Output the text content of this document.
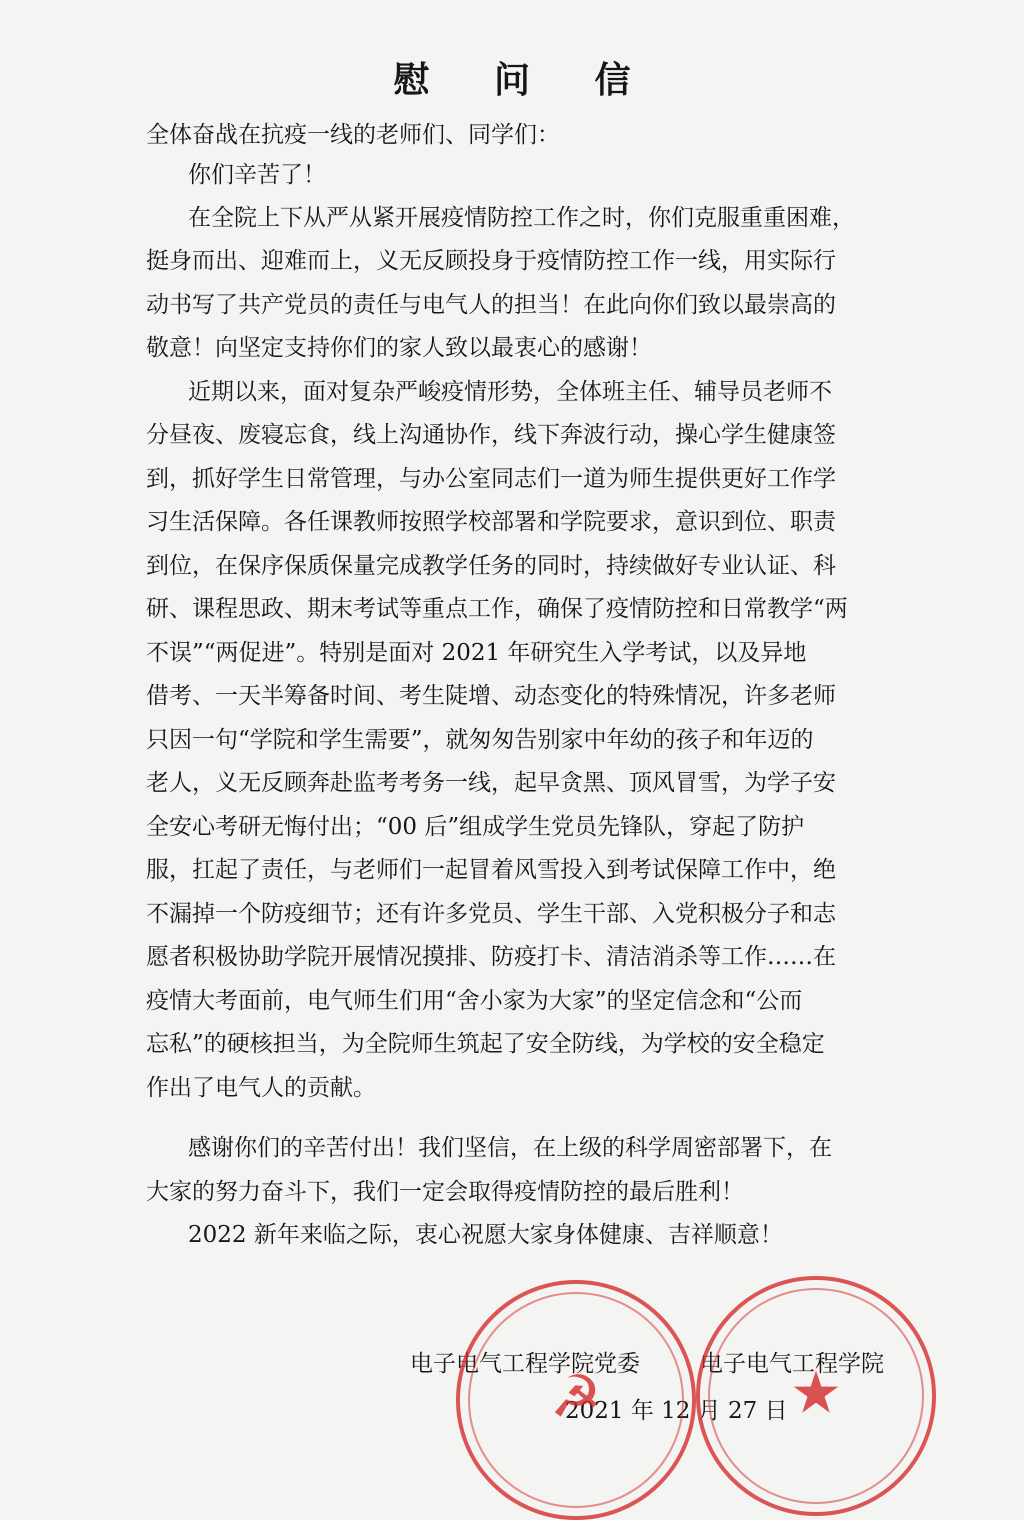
慰 问 信
全体奋战在抗疫一线的老师们、同学们：
你们辛苦了！
在全院上下从严从紧开展疫情防控工作之时，你们克服重重困难，
挺身而出、迎难而上，义无反顾投身于疫情防控工作一线，用实际行
动书写了共产党员的责任与电气人的担当！在此向你们致以最崇高的
敬意！向坚定支持你们的家人致以最衷心的感谢！
近期以来，面对复杂严峻疫情形势，全体班主任、辅导员老师不
分昼夜、废寝忘食，线上沟通协作，线下奔波行动，操心学生健康签
到，抓好学生日常管理，与办公室同志们一道为师生提供更好工作学
习生活保障。各任课教师按照学校部署和学院要求，意识到位、职责
到位，在保序保质保量完成教学任务的同时，持续做好专业认证、科
研、课程思政、期末考试等重点工作，确保了疫情防控和日常教学“两
不误”“两促进”。特别是面对 2021 年研究生入学考试，以及异地
借考、一天半筹备时间、考生陡增、动态变化的特殊情况，许多老师
只因一句“学院和学生需要”，就匆匆告别家中年幼的孩子和年迈的
老人，义无反顾奔赴监考考务一线，起早贪黑、顶风冒雪，为学子安
全安心考研无悔付出；“00 后”组成学生党员先锋队，穿起了防护
服，扛起了责任，与老师们一起冒着风雪投入到考试保障工作中，绝
不漏掉一个防疫细节；还有许多党员、学生干部、入党积极分子和志
愿者积极协助学院开展情况摸排、防疫打卡、清洁消杀等工作……在
疫情大考面前，电气师生们用“舍小家为大家”的坚定信念和“公而
忘私”的硬核担当，为全院师生筑起了安全防线，为学校的安全稳定
作出了电气人的贡献。
感谢你们的辛苦付出！我们坚信，在上级的科学周密部署下，在
大家的努力奋斗下，我们一定会取得疫情防控的最后胜利！
2022 新年来临之际，衷心祝愿大家身体健康、吉祥顺意！
电子电气工程学院党委	电子电气工程学院
2021 年 12 月 27 日
☭	★
